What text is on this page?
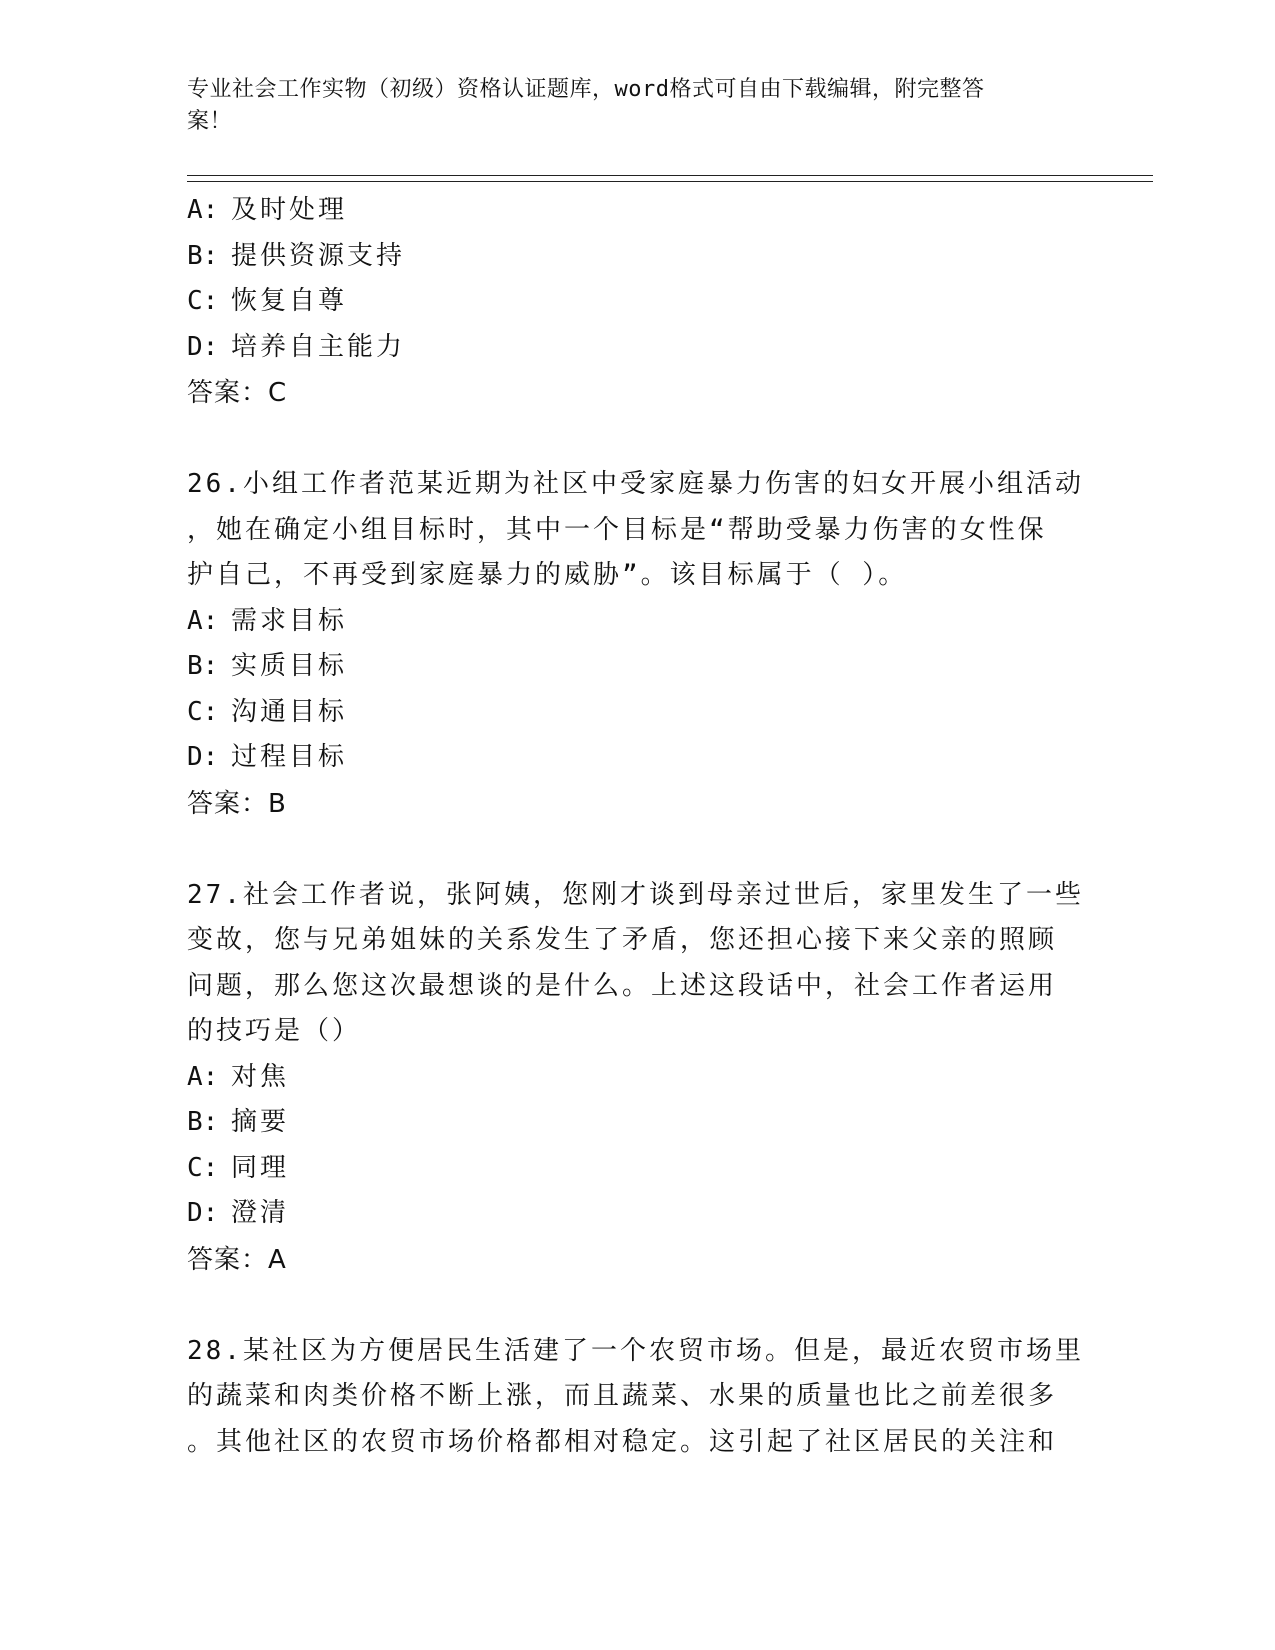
专业社会工作实物（初级）资格认证题库，word格式可自由下载编辑，附完整答
案！
A: 及时处理
B: 提供资源支持
C: 恢复自尊
D: 培养自主能力
答案：C
26.小组工作者范某近期为社区中受家庭暴力伤害的妇女开展小组活动
，她在确定小组目标时，其中一个目标是“帮助受暴力伤害的女性保
护自己，不再受到家庭暴力的威胁”。该目标属于（ ）。
A: 需求目标
B: 实质目标
C: 沟通目标
D: 过程目标
答案：B
27.社会工作者说，张阿姨，您刚才谈到母亲过世后，家里发生了一些
变故，您与兄弟姐妹的关系发生了矛盾，您还担心接下来父亲的照顾
问题，那么您这次最想谈的是什么。上述这段话中，社会工作者运用
的技巧是（）
A: 对焦
B: 摘要
C: 同理
D: 澄清
答案：A
28.某社区为方便居民生活建了一个农贸市场。但是，最近农贸市场里
的蔬菜和肉类价格不断上涨，而且蔬菜、水果的质量也比之前差很多
。其他社区的农贸市场价格都相对稳定。这引起了社区居民的关注和
